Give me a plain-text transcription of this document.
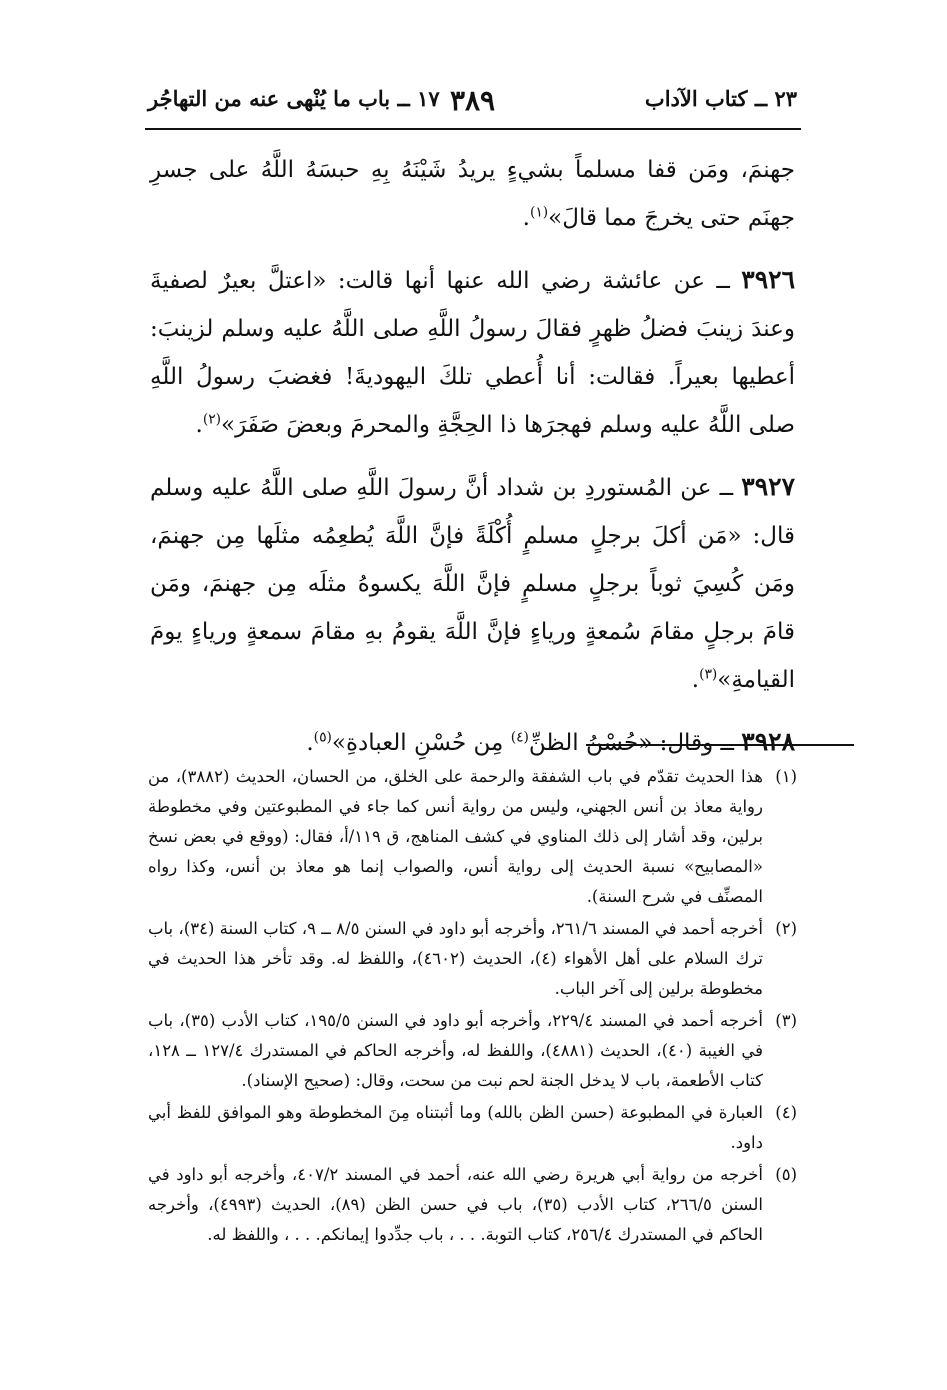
٢٣ ــ كتاب الآداب
٣٨٩
١٧ ــ باب ما يُنْهى عنه من التهاجُر

جهنمَ، ومَن قفا مسلماً بشيءٍ يريدُ شَيْنَهُ بِهِ حبسَهُ اللَّهُ على جسرِ جهنَم حتى يخرجَ مما قالَ»$^{(١)}$.

٣٩٢٦ ــ عن عائشة رضي الله عنها أنها قالت: «اعتلَّ بعيرٌ لصفيةَ وعندَ زينبَ فضلُ ظهرٍ فقالَ رسولُ اللَّهِ صلى اللَّهُ عليه وسلم لزينبَ: أعطيها بعيراً. فقالت: أنا أُعطي تلكَ اليهوديةَ! فغضبَ رسولُ اللَّهِ صلى اللَّهُ عليه وسلم فهجرَها ذا الحِجَّةِ والمحرمَ وبعضَ صَفَرَ»$^{(٢)}$.

٣٩٢٧ ــ عن المُستوردِ بن شداد أنَّ رسولَ اللَّهِ صلى اللَّهُ عليه وسلم قال: «مَن أكلَ برجلٍ مسلمٍ أُكْلَةً فإنَّ اللَّهَ يُطعِمُه مثلَها مِن جهنمَ، ومَن كُسِيَ ثوباً برجلٍ مسلمٍ فإنَّ اللَّهَ يكسوهُ مثلَه مِن جهنمَ، ومَن قامَ برجلٍ مقامَ سُمعةٍ ورياءٍ فإنَّ اللَّهَ يقومُ بهِ مقامَ سمعةٍ ورياءٍ يومَ القيامةِ»$^{(٣)}$.

٣٩٢٨ ــ وقال: «حُسْنُ الظنِّ$^{(٤)}$ مِن حُسْنِ العبادةِ»$^{(٥)}$.

(١)
هذا الحديث تقدّم في باب الشفقة والرحمة على الخلق، من الحسان، الحديث (٣٨٨٢)، من رواية معاذ بن أنس الجهني، وليس من رواية أنس كما جاء في المطبوعتين وفي مخطوطة برلين، وقد أشار إلى ذلك المناوي في كشف المناهج، ق ١١٩/أ، فقال: (ووقع في بعض نسخ «المصابيح» نسبة الحديث إلى رواية أنس، والصواب إنما هو معاذ بن أنس، وكذا رواه المصنِّف في شرح السنة).
(٢)
أخرجه أحمد في المسند ٢٦١/٦، وأخرجه أبو داود في السنن ٨/٥ ــ ٩، كتاب السنة (٣٤)، باب ترك السلام على أهل الأهواء (٤)، الحديث (٤٦٠٢)، واللفظ له. وقد تأخر هذا الحديث في مخطوطة برلين إلى آخر الباب.
(٣)
أخرجه أحمد في المسند ٢٢٩/٤، وأخرجه أبو داود في السنن ١٩٥/٥، كتاب الأدب (٣٥)، باب في الغيبة (٤٠)، الحديث (٤٨٨١)، واللفظ له، وأخرجه الحاكم في المستدرك ١٢٧/٤ ــ ١٢٨، كتاب الأطعمة، باب لا يدخل الجنة لحم نبت من سحت، وقال: (صحيح الإسناد).
(٤)
العبارة في المطبوعة (حسن الظن بالله) وما أثبتناه مِنَ المخطوطة وهو الموافق للفظ أبي داود.
(٥)
أخرجه من رواية أبي هريرة رضي الله عنه، أحمد في المسند ٤٠٧/٢، وأخرجه أبو داود في السنن ٢٦٦/٥، كتاب الأدب (٣٥)، باب في حسن الظن (٨٩)، الحديث (٤٩٩٣)، وأخرجه الحاكم في المستدرك ٢٥٦/٤، كتاب التوبة. . . ، باب جدِّدوا إيمانكم. . . ، واللفظ له.
